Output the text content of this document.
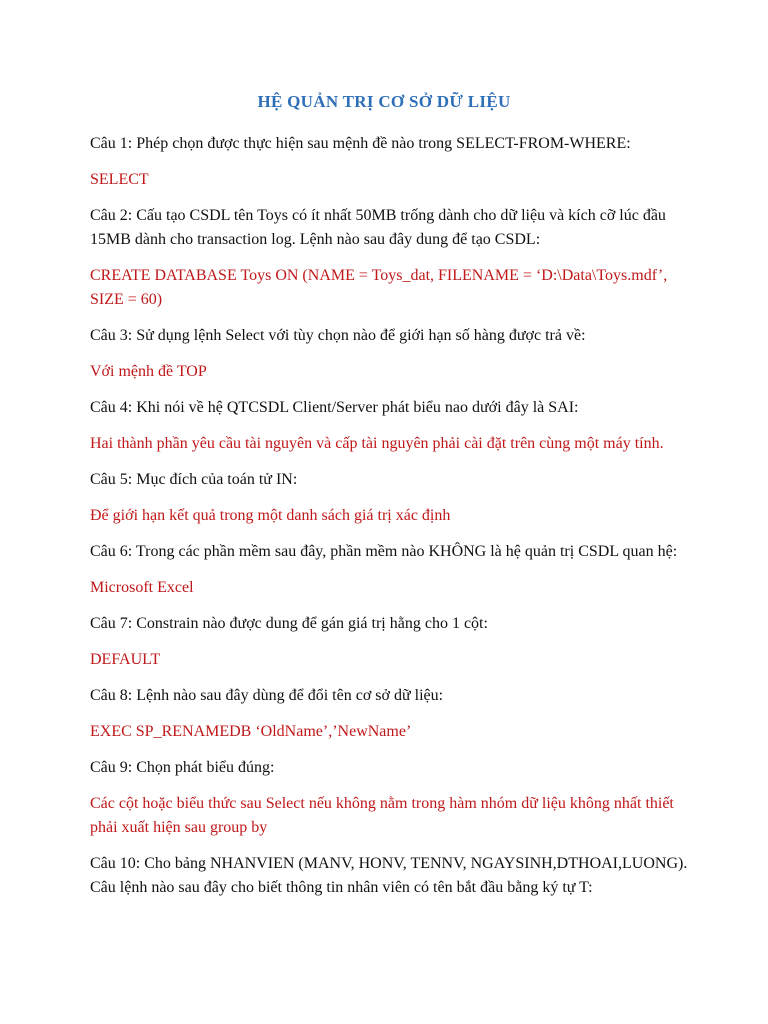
HỆ QUẢN TRỊ CƠ SỞ DỮ LIỆU

Câu 1: Phép chọn được thực hiện sau mệnh đề nào trong SELECT-FROM-WHERE:

SELECT

Câu 2: Cấu tạo CSDL tên Toys có ít nhất 50MB trống dành cho dữ liệu và kích cỡ lúc đầu 15MB dành cho transaction log. Lệnh nào sau đây dung để tạo CSDL:

CREATE DATABASE Toys ON (NAME = Toys_dat, FILENAME = ‘D:\Data\Toys.mdf’, SIZE = 60)

Câu 3: Sử dụng lệnh Select với tùy chọn nào để giới hạn số hàng được trả về:

Với mệnh đề TOP

Câu 4: Khi nói về hệ QTCSDL Client/Server phát biểu nao dưới đây là SAI:

Hai thành phần yêu cầu tài nguyên và cấp tài nguyên phải cài đặt trên cùng một máy tính.

Câu 5: Mục đích của toán tử IN:

Để giới hạn kết quả trong một danh sách giá trị xác định

Câu 6: Trong các phần mềm sau đây, phần mềm nào KHÔNG là hệ quản trị CSDL quan hệ:

Microsoft Excel

Câu 7: Constrain nào được dung để gán giá trị hằng cho 1 cột:

DEFAULT

Câu 8: Lệnh nào sau đây dùng để đổi tên cơ sở dữ liệu:

EXEC SP_RENAMEDB ‘OldName’,’NewName’

Câu 9: Chọn phát biểu đúng:

Các cột hoặc biểu thức sau Select nếu không nằm trong hàm nhóm dữ liệu không nhất thiết phải xuất hiện sau group by

Câu 10: Cho bảng NHANVIEN (MANV, HONV, TENNV, NGAYSINH,DTHOAI,LUONG). Câu lệnh nào sau đây cho biết thông tin nhân viên có tên bắt đầu bằng ký tự T:
